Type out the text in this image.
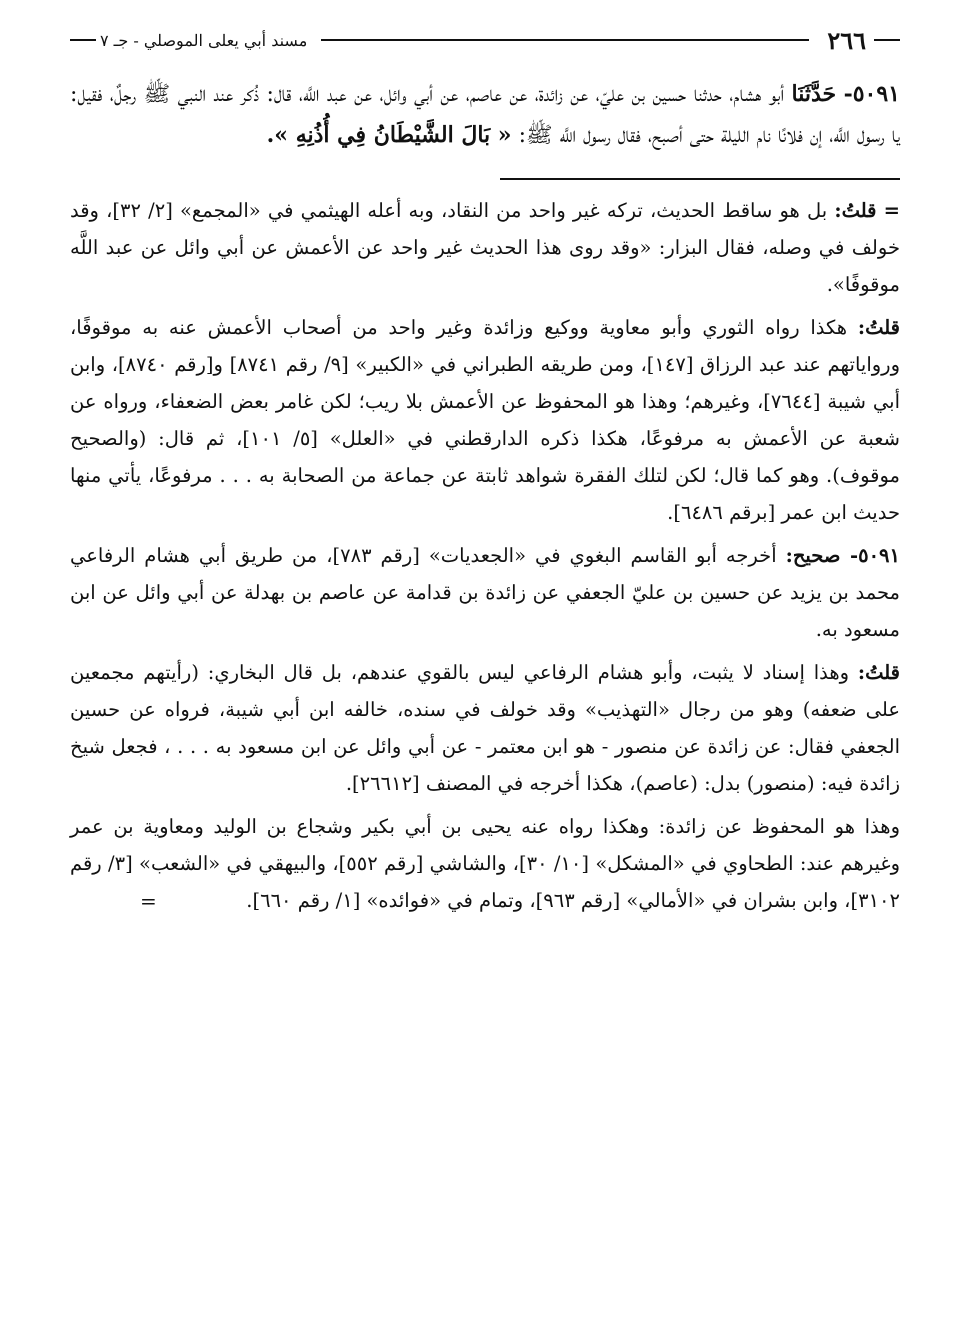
٢٦٦
مسند أبي يعلى الموصلي - جـ ٧
٥٠٩١- حَدَّثَنَا أبو هشام، حدثنا حسين بن عليّ، عن زائدة، عن عاصم، عن أبي وائل، عن عبد اللَّه، قال: ذُكر عند النبي ﷺ رجلٌ، فقيل: يا رسول اللَّه، إن فلانًا نام الليلة حتى أصبح، فقال رسول اللَّه ﷺ: « بَالَ الشَّيْطَانُ فِي أُذُنِهِ ».

= قلتُ: بل هو ساقط الحديث، تركه غير واحد من النقاد، وبه أعله الهيثمي في «المجمع» [٢/ ٣٢]، وقد خولف في وصله، فقال البزار: «وقد روى هذا الحديث غير واحد عن الأعمش عن أبي وائل عن عبد اللَّه موقوفًا».

قلتُ: هكذا رواه الثوري وأبو معاوية ووكيع وزائدة وغير واحد من أصحاب الأعمش عنه به موقوفًا، ورواياتهم عند عبد الرزاق [١٤٧]، ومن طريقه الطبراني في «الكبير» [٩/ رقم ٨٧٤١] و[رقم ٨٧٤٠]، وابن أبي شيبة [٧٦٤٤]، وغيرهم؛ وهذا هو المحفوظ عن الأعمش بلا ريب؛ لكن غامر بعض الضعفاء، ورواه عن شعبة عن الأعمش به مرفوعًا، هكذا ذكره الدارقطني في «العلل» [٥/ ١٠١]، ثم قال: (والصحيح موقوف). وهو كما قال؛ لكن لتلك الفقرة شواهد ثابتة عن جماعة من الصحابة به . . . مرفوعًا، يأتي منها حديث ابن عمر [برقم ٦٤٨٦].

٥٠٩١- صحيح: أخرجه أبو القاسم البغوي في «الجعديات» [رقم ٧٨٣]، من طريق أبي هشام الرفاعي محمد بن يزيد عن حسين بن عليّ الجعفي عن زائدة بن قدامة عن عاصم بن بهدلة عن أبي وائل عن ابن مسعود به.

قلتُ: وهذا إسناد لا يثبت، وأبو هشام الرفاعي ليس بالقوي عندهم، بل قال البخاري: (رأيتهم مجمعين على ضعفه) وهو من رجال «التهذيب» وقد خولف في سنده، خالفه ابن أبي شيبة، فرواه عن حسين الجعفي فقال: عن زائدة عن منصور - هو ابن معتمر - عن أبي وائل عن ابن مسعود به . . . ، فجعل شيخ زائدة فيه: (منصور) بدل: (عاصم)، هكذا أخرجه في المصنف [٢٦٦١٢].

وهذا هو المحفوظ عن زائدة: وهكذا رواه عنه يحيى بن أبي بكير وشجاع بن الوليد ومعاوية بن عمر وغيرهم عند: الطحاوي في «المشكل» [١٠/ ٣٠]، والشاشي [رقم ٥٥٢]، والبيهقي في «الشعب» [٣/ رقم ٣١٠٢]، وابن بشران في «الأمالي» [رقم ٩٦٣]، وتمام في «فوائده» [١/ رقم ٦٦٠].

=
